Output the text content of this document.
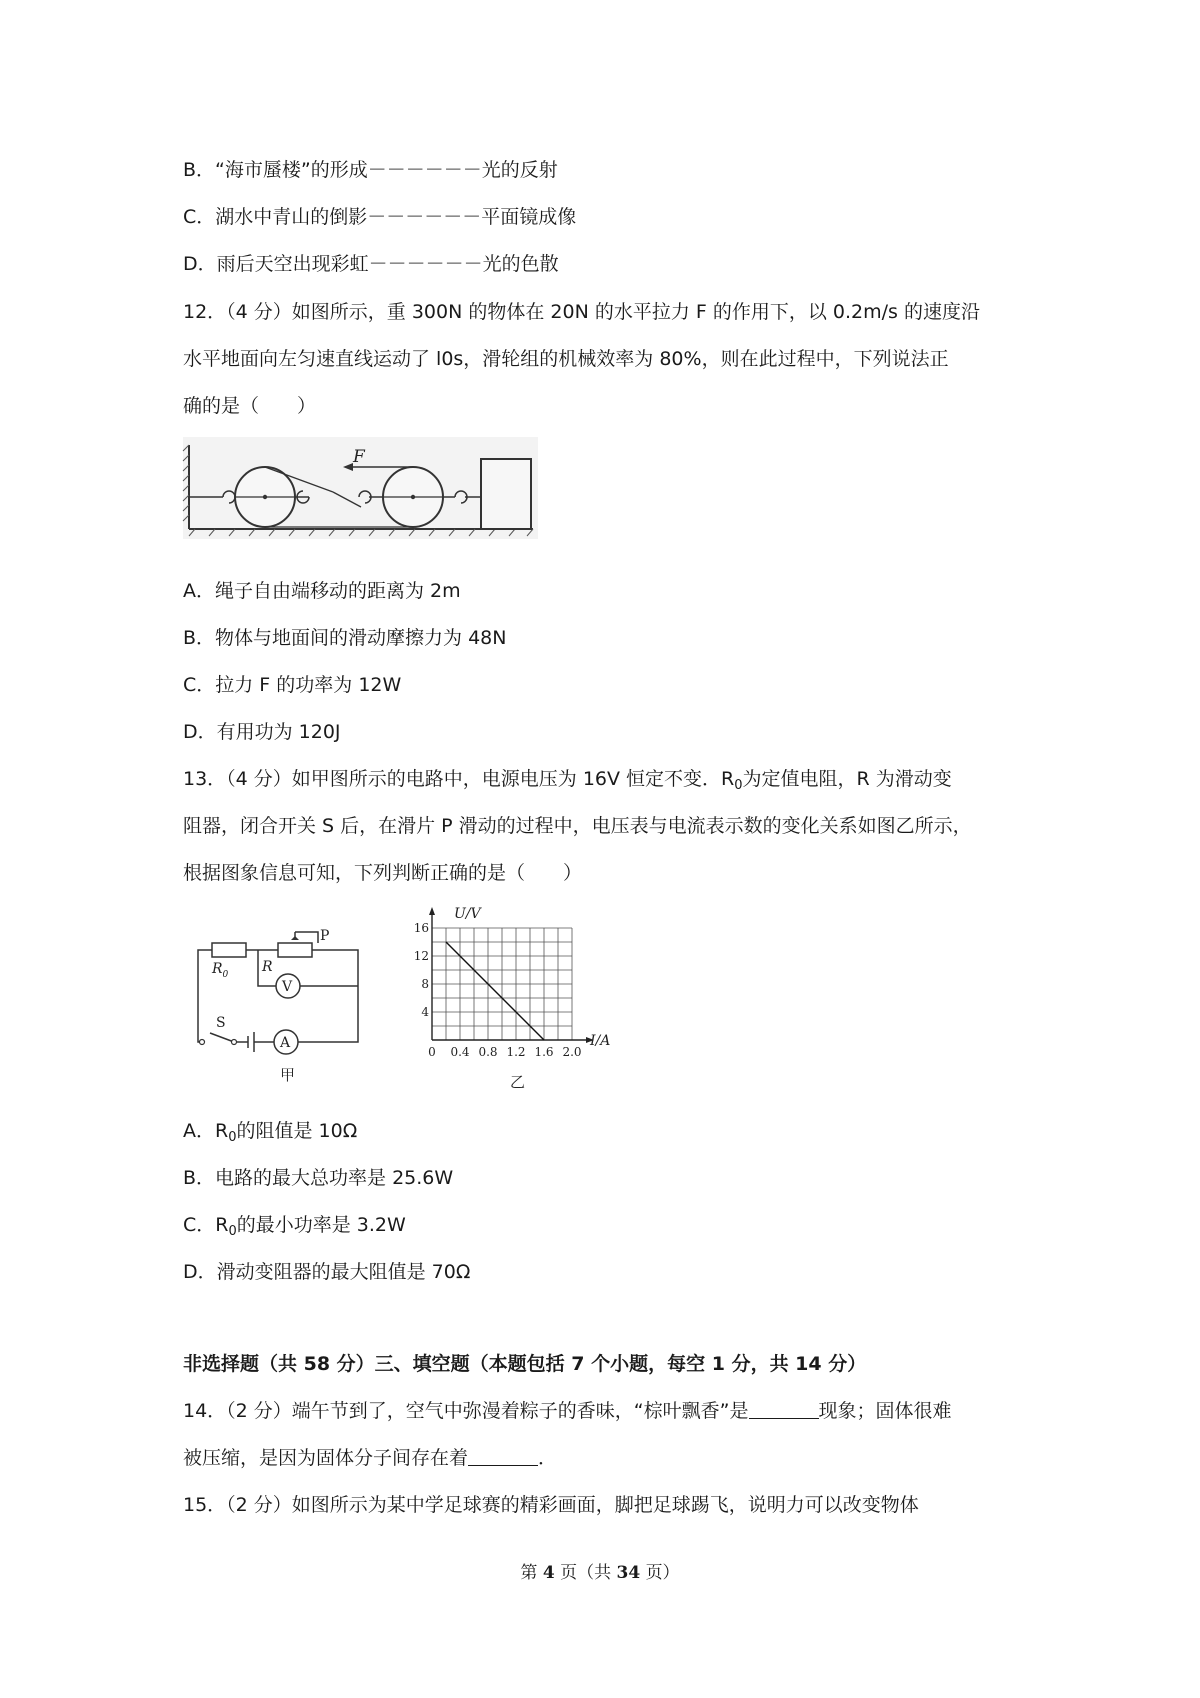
B．“海市蜃楼”的形成－－－－－－光的反射
C．湖水中青山的倒影－－－－－－平面镜成像
D．雨后天空出现彩虹－－－－－－光的色散
12．（4 分）如图所示，重 300N 的物体在 20N 的水平拉力 F 的作用下，以 0.2m/s 的速度沿
水平地面向左匀速直线运动了 l0s，滑轮组的机械效率为 80%，则在此过程中，下列说法正
确的是（　　）
F
A．绳子自由端移动的距离为 2m
B．物体与地面间的滑动摩擦力为 48N
C．拉力 F 的功率为 12W
D．有用功为 120J
13．（4 分）如甲图所示的电路中，电源电压为 16V 恒定不变．$R_0$为定值电阻，R 为滑动变
阻器，闭合开关 S 后，在滑片 P 滑动的过程中，电压表与电流表示数的变化关系如图乙所示，
根据图象信息可知，下列判断正确的是（　　）
$R_0$ R
P
V
A
S
甲
0 0.4 0.8 1.2 1.6 2.0
4
8
12
16
U/V
I/A
乙
A．$R_0$的阻值是 10Ω
B．电路的最大总功率是 25.6W
C．$R_0$的最小功率是 3.2W
D．滑动变阻器的最大阻值是 70Ω
非选择题（共 58 分）三、填空题（本题包括 7 个小题，每空 1 分，共 14 分）
14．（2 分）端午节到了，空气中弥漫着粽子的香味，“棕叶飘香”是	现象；固体很难
被压缩，是因为固体分子间存在着	．
15．（2 分）如图所示为某中学足球赛的精彩画面，脚把足球踢飞，说明力可以改变物体
第 4 页（共 34 页）
